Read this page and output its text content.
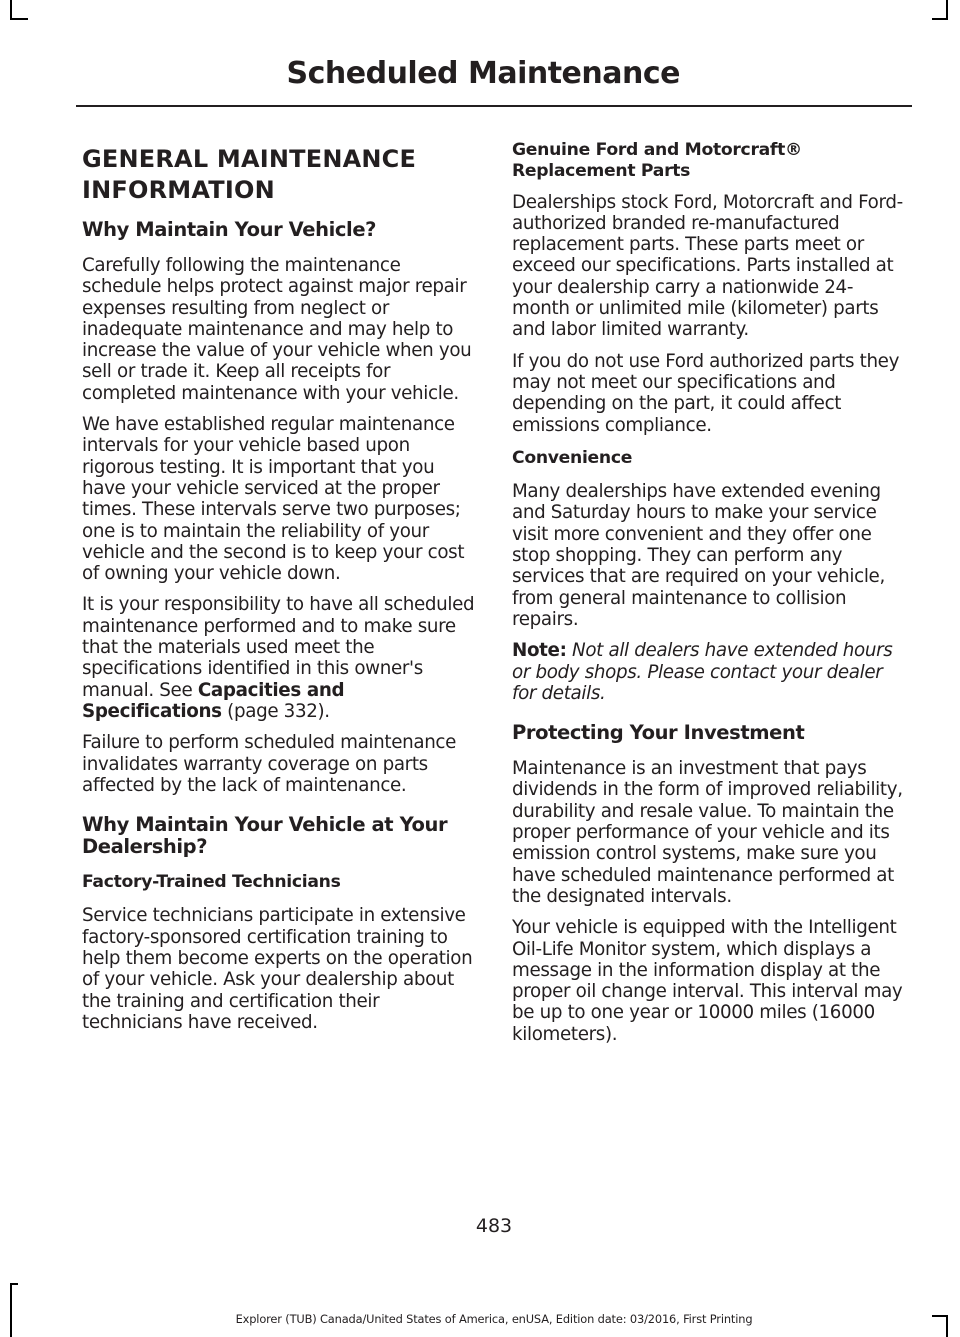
Scheduled Maintenance
GENERAL MAINTENANCE
INFORMATION
Why Maintain Your Vehicle?

Carefully following the maintenance schedule helps protect against major repair expenses resulting from neglect or inadequate maintenance and may help to increase the value of your vehicle when you sell or trade it. Keep all receipts for completed maintenance with your vehicle.

We have established regular maintenance intervals for your vehicle based upon rigorous testing. It is important that you have your vehicle serviced at the proper times. These intervals serve two purposes; one is to maintain the reliability of your vehicle and the second is to keep your cost of owning your vehicle down.

It is your responsibility to have all scheduled maintenance performed and to make sure that the materials used meet the specifications identified in this owner's manual. See Capacities and Specifications (page 332).

Failure to perform scheduled maintenance invalidates warranty coverage on parts affected by the lack of maintenance.

Why Maintain Your Vehicle at Your Dealership?
Factory-Trained Technicians

Service technicians participate in extensive factory-sponsored certification training to help them become experts on the operation of your vehicle. Ask your dealership about the training and certification their technicians have received.

Genuine Ford and Motorcraft® Replacement Parts

Dealerships stock Ford, Motorcraft and Ford-authorized branded re-manufactured replacement parts. These parts meet or exceed our specifications. Parts installed at your dealership carry a nationwide 24-month or unlimited mile (kilometer) parts and labor limited warranty.

If you do not use Ford authorized parts they may not meet our specifications and depending on the part, it could affect emissions compliance.

Convenience

Many dealerships have extended evening and Saturday hours to make your service visit more convenient and they offer one stop shopping. They can perform any services that are required on your vehicle, from general maintenance to collision repairs.

Note: Not all dealers have extended hours or body shops. Please contact your dealer for details.

Protecting Your Investment

Maintenance is an investment that pays dividends in the form of improved reliability, durability and resale value. To maintain the proper performance of your vehicle and its emission control systems, make sure you have scheduled maintenance performed at the designated intervals.

Your vehicle is equipped with the Intelligent Oil-Life Monitor system, which displays a message in the information display at the proper oil change interval. This interval may be up to one year or 10000 miles (16000 kilometers).

483
Explorer (TUB) Canada/United States of America, enUSA, Edition date: 03/2016, First Printing
